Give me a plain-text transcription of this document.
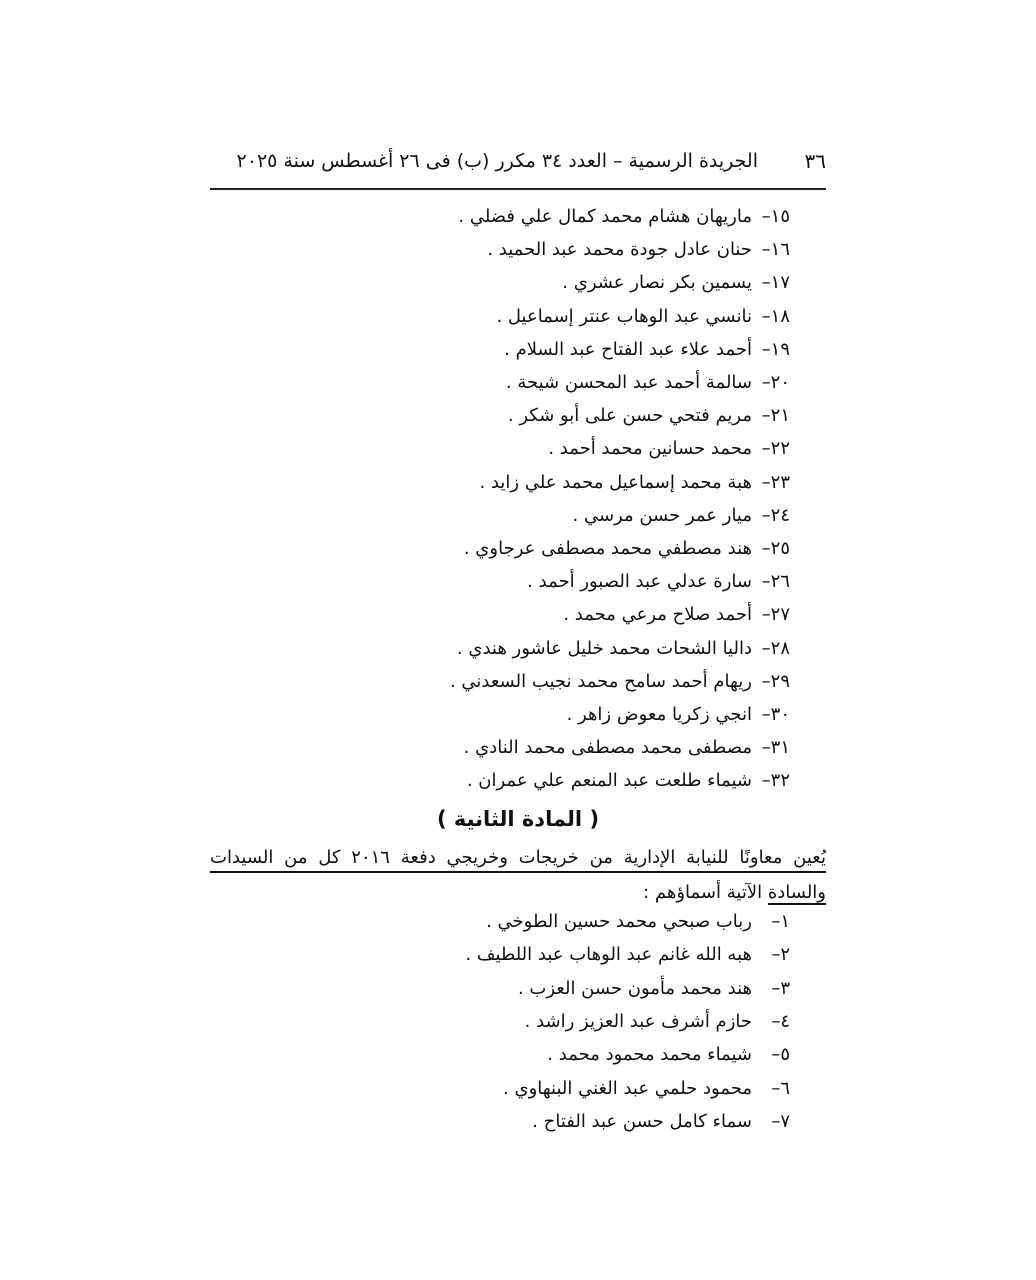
٣٦
الجريدة الرسمية – العدد ٣٤ مكرر (ب) فى ٢٦ أغسطس سنة ٢٠٢٥
١٥–ماريهان هشام محمد كمال علي فضلي .
١٦–حنان عادل جودة محمد عبد الحميد .
١٧–يسمين بكر نصار عشري .
١٨–نانسي عبد الوهاب عنتر إسماعيل .
١٩–أحمد علاء عبد الفتاح عبد السلام .
٢٠–سالمة أحمد عبد المحسن شيحة .
٢١–مريم فتحي حسن على أبو شكر .
٢٢–محمد حسانين محمد أحمد .
٢٣–هبة محمد إسماعيل محمد علي زايد .
٢٤–ميار عمر حسن مرسي .
٢٥–هند مصطفي محمد مصطفى عرجاوي .
٢٦–سارة عدلي عبد الصبور أحمد .
٢٧–أحمد صلاح مرعي محمد .
٢٨–داليا الشحات محمد خليل عاشور هندي .
٢٩–ريهام أحمد سامح محمد نجيب السعدني .
٣٠–انجي زكريا معوض زاهر .
٣١–مصطفى محمد مصطفى محمد النادي .
٣٢–شيماء طلعت عبد المنعم علي عمران .
( المادة الثانية )
يُعين معاونًا للنيابة الإدارية من خريجات وخريجي دفعة ٢٠١٦ كل من السيدات
والسادة الآتية أسماؤهم :
١–رباب صبحي محمد حسين الطوخي .
٢–هبه الله غانم عبد الوهاب عبد اللطيف .
٣–هند محمد مأمون حسن العزب .
٤–حازم أشرف عبد العزيز راشد .
٥–شيماء محمد محمود محمد .
٦–محمود حلمي عبد الغني البنهاوي .
٧–سماء كامل حسن عبد الفتاح .
